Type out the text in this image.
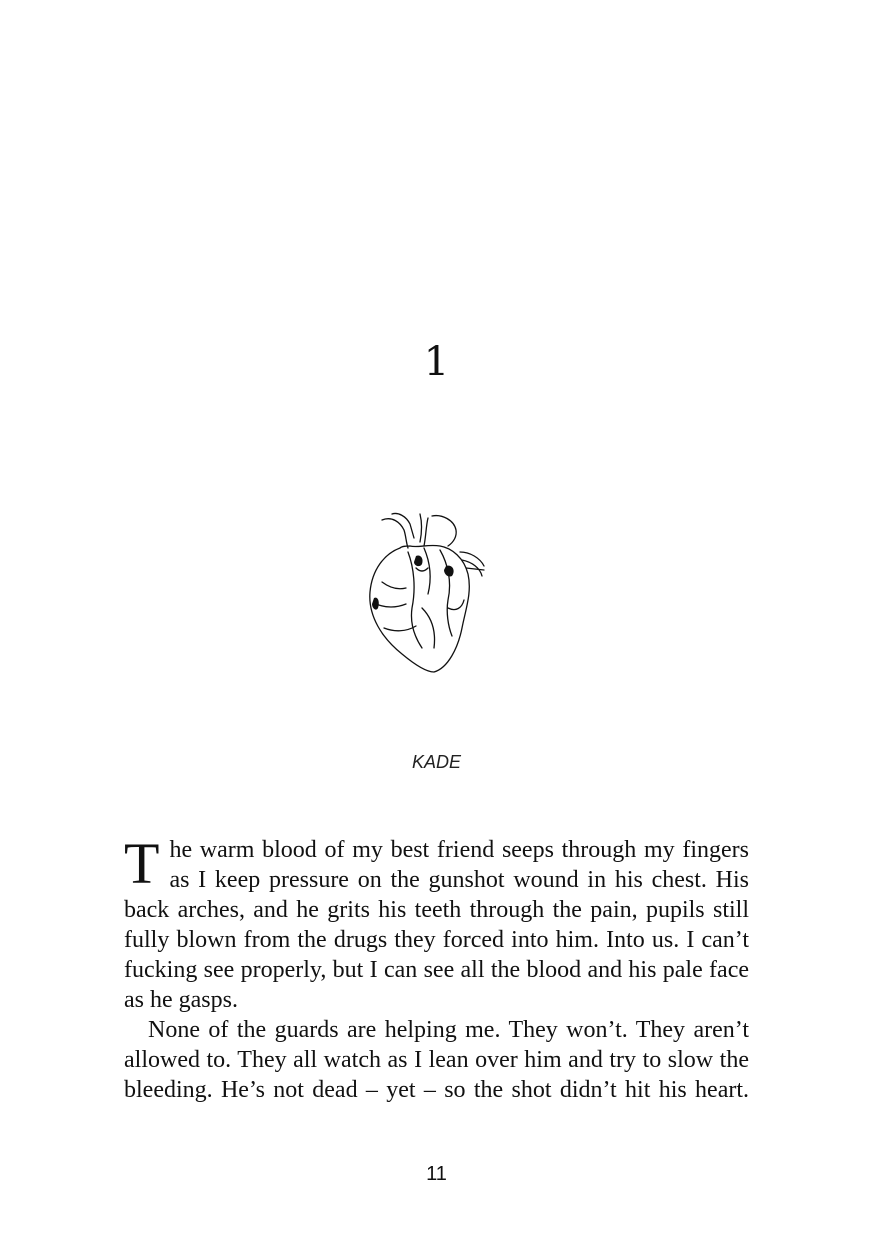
1
KADE
T he warm blood of my best friend seeps through my fingers
as I keep pressure on the gunshot wound in his chest. His
back arches, and he grits his teeth through the pain, pupils still
fully blown from the drugs they forced into him. Into us. I can’t
fucking see properly, but I can see all the blood and his pale face
as he gasps.
None of the guards are helping me. They won’t. They aren’t
allowed to. They all watch as I lean over him and try to slow the
bleeding. He’s not dead – yet – so the shot didn’t hit his heart.
11
